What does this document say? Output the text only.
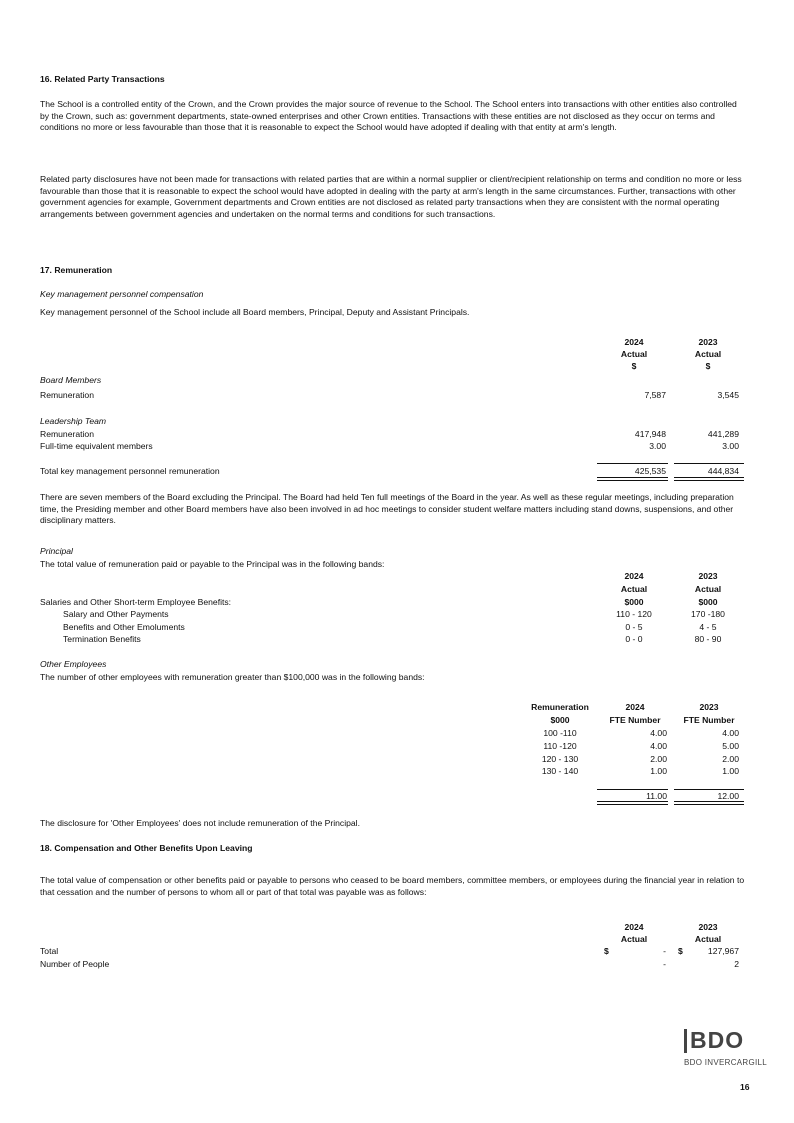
16. Related Party Transactions
The School is a controlled entity of the Crown, and the Crown provides the major source of revenue to the School. The School enters into transactions with other entities also controlled by the Crown, such as: government departments, state-owned enterprises and other Crown entities. Transactions with these entities are not disclosed as they occur on terms and conditions no more or less favourable than those that it is reasonable to expect the School would have adopted if dealing with that entity at arm's length.
Related party disclosures have not been made for transactions with related parties that are within a normal supplier or client/recipient relationship on terms and condition no more or less favourable than those that it is reasonable to expect the school would have adopted in dealing with the party at arm's length in the same circumstances. Further, transactions with other government agencies for example, Government departments and Crown entities are not disclosed as related party transactions when they are consistent with the normal operating arrangements between government agencies and undertaken on the normal terms and conditions for such transactions.
17. Remuneration
Key management personnel compensation
Key management personnel of the School include all Board members, Principal, Deputy and Assistant Principals.
2024
Actual
$
2023
Actual
$
Board Members
Remuneration	7,587	3,545
Leadership Team
Remuneration	417,948	441,289
Full-time equivalent members	3.00	3.00
Total key management personnel remuneration	425,535	444,834
There are seven members of the Board excluding the Principal. The Board had held Ten full meetings of the Board in the year. As well as these regular meetings, including preparation time, the Presiding member and other Board members have also been involved in ad hoc meetings to consider student welfare matters including stand downs, suspensions, and other disciplinary matters.
Principal
The total value of remuneration paid or payable to the Principal was in the following bands:
2024
Actual
$000
2023
Actual
$000
Salaries and Other Short-term Employee Benefits:
Salary and Other Payments	110 - 120	170 -180
Benefits and Other Emoluments	0 - 5	4 - 5
Termination Benefits	0 - 0	80 - 90
Other Employees
The number of other employees with remuneration greater than $100,000 was in the following bands:
Remuneration
$000
2024
FTE Number
2023
FTE Number
100 -110	4.00	4.00
110 -120	4.00	5.00
120 - 130	2.00	2.00
130 - 140	1.00	1.00
11.00	12.00
The disclosure for 'Other Employees' does not include remuneration of the Principal.
18. Compensation and Other Benefits Upon Leaving
The total value of compensation or other benefits paid or payable to persons who ceased to be board members, committee members, or employees during the financial year in relation to that cessation and the number of persons to whom all or part of that total was payable was as follows:
2024
Actual
2023
Actual
Total	$	- $	127,967
Number of People	-	2
BDO
BDO INVERCARGILL
16
